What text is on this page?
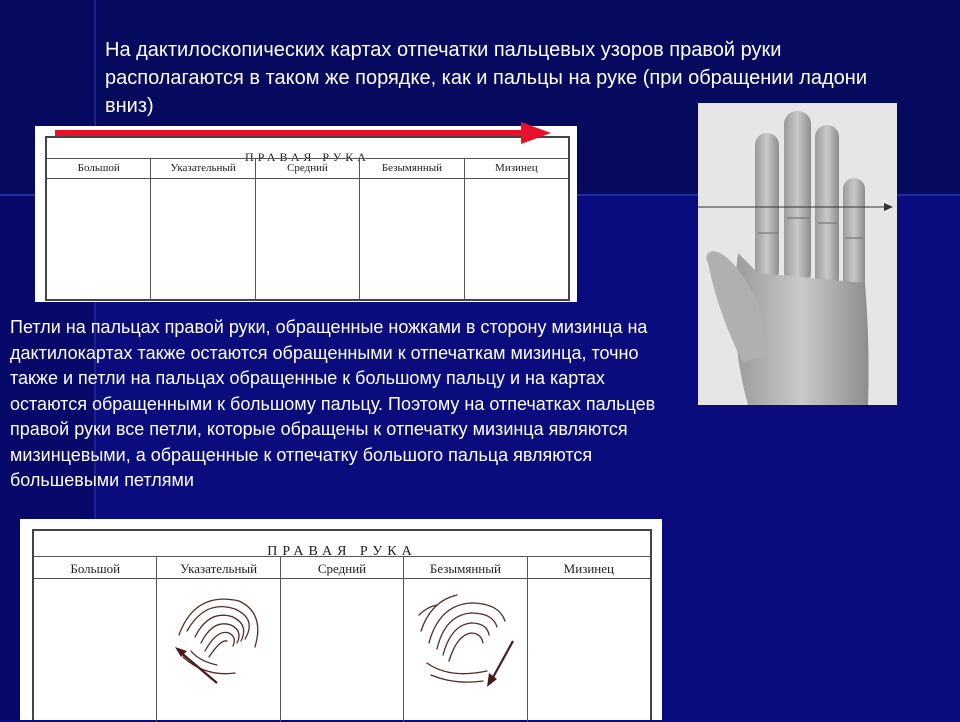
На дактилоскопических картах отпечатки пальцевых узоров правой руки располагаются в таком же порядке, как и пальцы на руке (при обращении ладони вниз)

ПРАВАЯ РУКА
Большой	Указательный	Средний	Безымянный	Мизинец

Петли на пальцах правой руки, обращенные ножками в сторону мизинца на дактилокартах также остаются обращенными к отпечаткам мизинца, точно также и петли на пальцах обращенные к большому пальцу и на картах остаются обращенными к большому пальцу. Поэтому на отпечатках пальцев правой руки все петли, которые обращены к отпечатку мизинца являются мизинцевыми, а обращенные к отпечатку большого пальца являются большевыми петлями

ПРАВАЯ РУКА
Большой	Указательный	Средний	Безымянный	Мизинец
